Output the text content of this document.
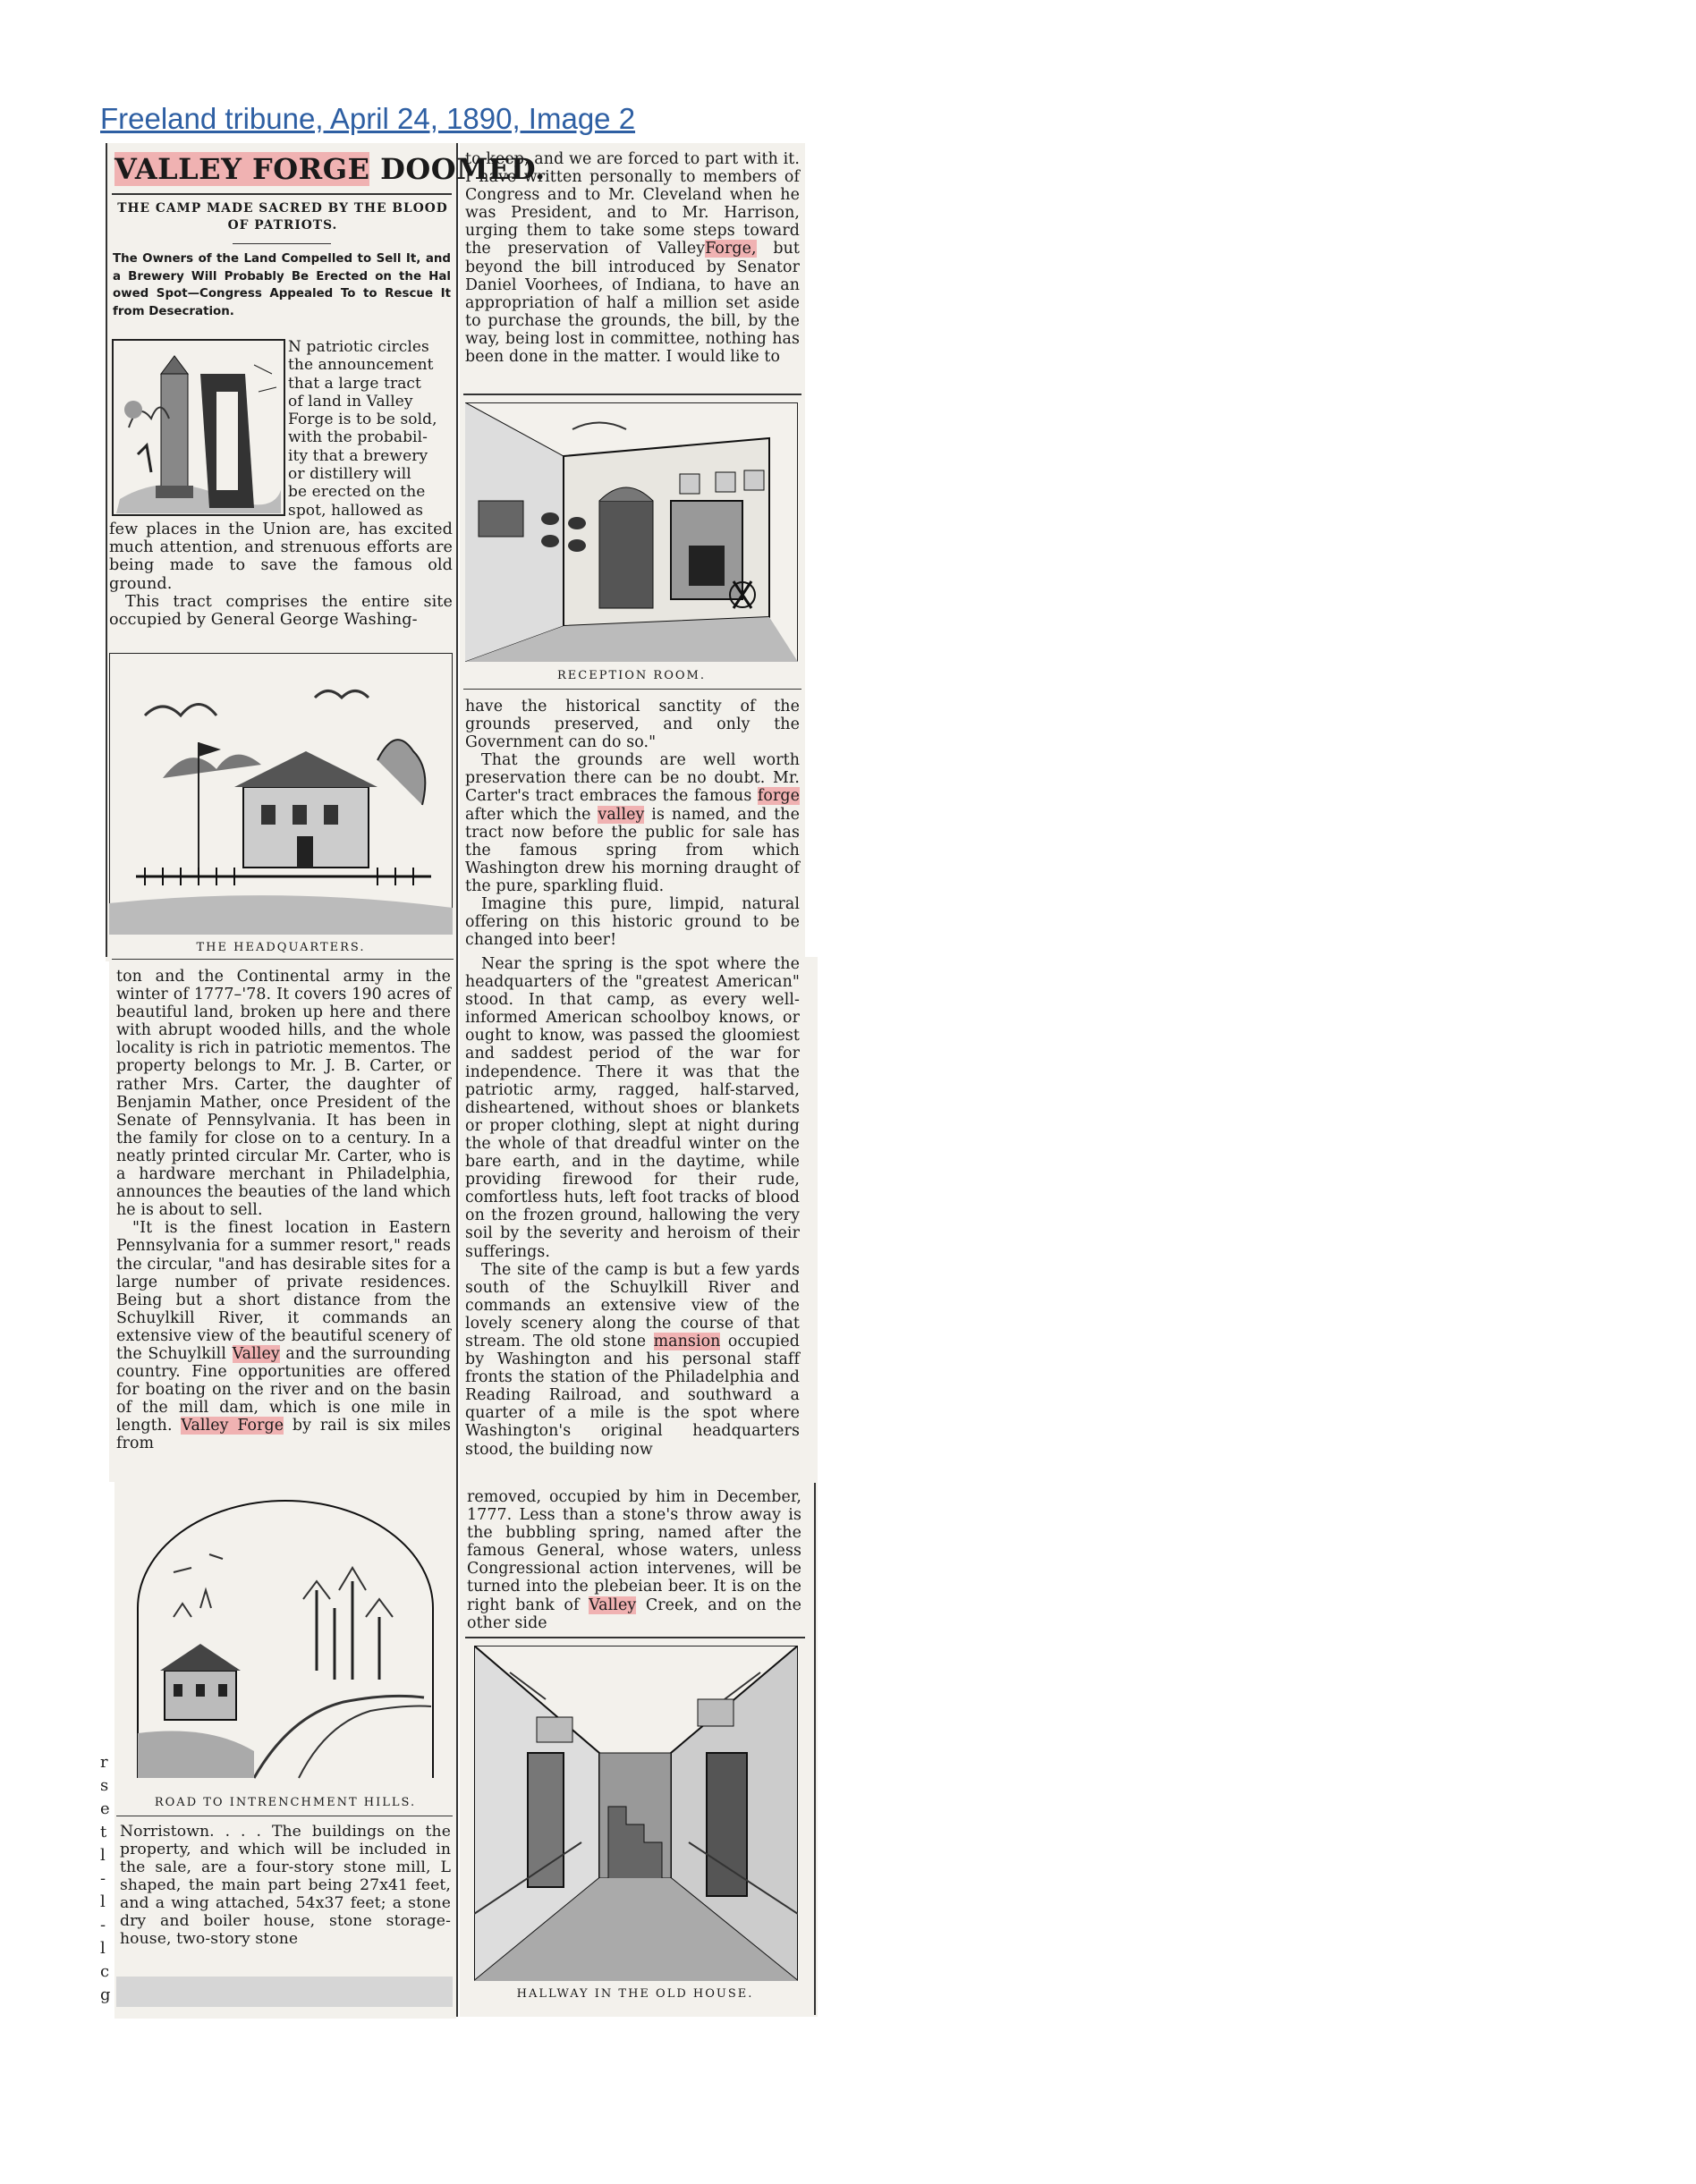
Freeland tribune, April 24, 1890, Image 2
VALLEY FORGE DOOMED.
THE CAMP MADE SACRED BY THE BLOOD OF PATRIOTS.
The Owners of the Land Compelled to Sell It, and a Brewery Will Probably Be Erected on the Hal owed Spot—Congress Appealed To to Rescue It from Desecration.

N patriotic circles

the announcement

that a large tract

of land in Valley

Forge is to be sold,

with the probabil-

ity that a brewery

or distillery will

be erected on the

spot, hallowed as

few places in the Union are, has excited much attention, and strenuous efforts are being made to save the famous old ground.

This tract comprises the entire site occupied by General George Washing-

THE HEADQUARTERS.

ton and the Continental army in the winter of 1777–'78. It covers 190 acres of beautiful land, broken up here and there with abrupt wooded hills, and the whole locality is rich in patriotic mementos. The property belongs to Mr. J. B. Carter, or rather Mrs. Carter, the daughter of Benjamin Mather, once President of the Senate of Pennsylvania. It has been in the family for close on to a century. In a neatly printed circular Mr. Carter, who is a hardware merchant in Philadelphia, announces the beauties of the land which he is about to sell.

"It is the finest location in Eastern Pennsylvania for a summer resort," reads the circular, "and has desirable sites for a large number of private residences. Being but a short distance from the Schuylkill River, it commands an extensive view of the beautiful scenery of the Schuylkill Valley and the surrounding country. Fine opportunities are offered for boating on the river and on the basin of the mill dam, which is one mile in length. Valley Forge by rail is six miles from

ROAD TO INTRENCHMENT HILLS.

Norristown. . . . The buildings on the property, and which will be included in the sale, are a four-story stone mill, L shaped, the main part being 27x41 feet, and a wing attached, 54x37 feet; a stone dry and boiler house, stone storage-house, two-story stone

r
s
e
t
l
-
l
-
l
c
g

to keep, and we are forced to part with it. I have written personally to members of Congress and to Mr. Cleveland when he was President, and to Mr. Harrison, urging them to take some steps toward the preservation of ValleyForge, but beyond the bill introduced by Senator Daniel Voorhees, of Indiana, to have an appropriation of half a million set aside to purchase the grounds, the bill, by the way, being lost in committee, nothing has been done in the matter. I would like to

RECEPTION ROOM.

have the historical sanctity of the grounds preserved, and only the Government can do so."

That the grounds are well worth preservation there can be no doubt. Mr. Carter's tract embraces the famous forge after which the valley is named, and the tract now before the public for sale has the famous spring from which Washington drew his morning draught of the pure, sparkling fluid.

Imagine this pure, limpid, natural offering on this historic ground to be changed into beer!

Near the spring is the spot where the headquarters of the "greatest American" stood. In that camp, as every well-informed American schoolboy knows, or ought to know, was passed the gloomiest and saddest period of the war for independence. There it was that the patriotic army, ragged, half-starved, disheartened, without shoes or blankets or proper clothing, slept at night during the whole of that dreadful winter on the bare earth, and in the daytime, while providing firewood for their rude, comfortless huts, left foot tracks of blood on the frozen ground, hallowing the very soil by the severity and heroism of their sufferings.

The site of the camp is but a few yards south of the Schuylkill River and commands an extensive view of the lovely scenery along the course of that stream. The old stone mansion occupied by Washington and his personal staff fronts the station of the Philadelphia and Reading Railroad, and southward a quarter of a mile is the spot where Washington's original headquarters stood, the building now

removed, occupied by him in December, 1777. Less than a stone's throw away is the bubbling spring, named after the famous General, whose waters, unless Congressional action intervenes, will be turned into the plebeian beer. It is on the right bank of Valley Creek, and on the other side

HALLWAY IN THE OLD HOUSE.
